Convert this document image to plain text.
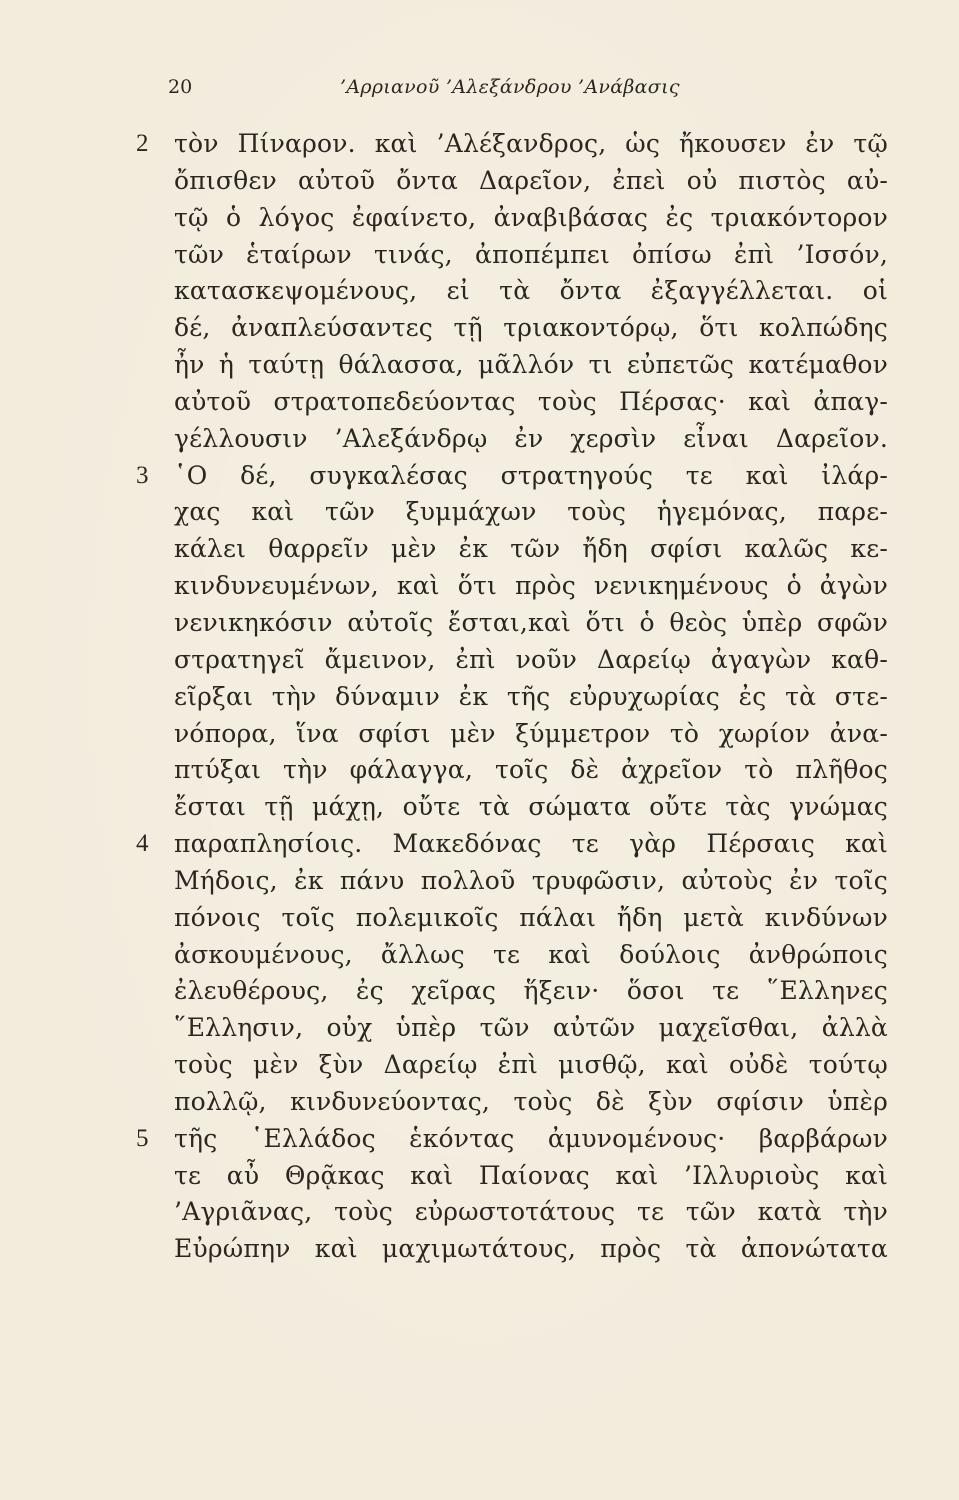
20	’Αρριανοῦ ’Αλεξάνδρου ’Ανάβασις
2	τὸν Πίναρον. καὶ ’Αλέξανδρος, ὡς ἤκουσεν ἐν τῷ
ὄπισθεν αὐτοῦ ὄντα Δαρεῖον, ἐπεὶ οὐ πιστὸς αὐ-
τῷ ὁ λόγος ἐφαίνετο, ἀναβιβάσας ἐς τριακόντορον
τῶν ἑταίρων τινάς, ἀποπέμπει ὀπίσω ἐπὶ ’Ισσόν,
κατασκεψομένους, εἰ τὰ ὄντα ἐξαγγέλλεται. οἱ
δέ, ἀναπλεύσαντες τῇ τριακοντόρῳ, ὅτι κολπώδης
ἦν ἡ ταύτῃ θάλασσα, μᾶλλόν τι εὐπετῶς κατέμαθον
αὐτοῦ στρατοπεδεύοντας τοὺς Πέρσας· καὶ ἀπαγ-
γέλλουσιν ’Αλεξάνδρῳ ἐν χερσὶν εἶναι Δαρεῖον.
3	῾Ο δέ, συγκαλέσας στρατηγούς τε καὶ ἰλάρ-
χας καὶ τῶν ξυμμάχων τοὺς ἡγεμόνας, παρε-
κάλει θαρρεῖν μὲν ἐκ τῶν ἤδη σφίσι καλῶς κε-
κινδυνευμένων, καὶ ὅτι πρὸς νενικημένους ὁ ἀγὼν
νενικηκόσιν αὐτοῖς ἔσται,καὶ ὅτι ὁ θεὸς ὑπὲρ σφῶν
στρατηγεῖ ἄμεινον, ἐπὶ νοῦν Δαρείῳ ἀγαγὼν καθ-
εῖρξαι τὴν δύναμιν ἐκ τῆς εὐρυχωρίας ἐς τὰ στε-
νόπορα, ἵνα σφίσι μὲν ξύμμετρον τὸ χωρίον ἀνα-
πτύξαι τὴν φάλαγγα, τοῖς δὲ ἀχρεῖον τὸ πλῆθος
ἔσται τῇ μάχῃ, οὔτε τὰ σώματα οὔτε τὰς γνώμας
4	παραπλησίοις. Μακεδόνας τε γὰρ Πέρσαις καὶ
Μήδοις, ἐκ πάνυ πολλοῦ τρυφῶσιν, αὐτοὺς ἐν τοῖς
πόνοις τοῖς πολεμικοῖς πάλαι ἤδη μετὰ κινδύνων
ἀσκουμένους, ἄλλως τε καὶ δούλοις ἀνθρώποις
ἐλευθέρους, ἐς χεῖρας ἥξειν· ὅσοι τε ῞Ελληνες
῞Ελλησιν, οὐχ ὑπὲρ τῶν αὐτῶν μαχεῖσθαι, ἀλλὰ
τοὺς μὲν ξὺν Δαρείῳ ἐπὶ μισθῷ, καὶ οὐδὲ τούτῳ
πολλῷ, κινδυνεύοντας, τοὺς δὲ ξὺν σφίσιν ὑπὲρ
5	τῆς ῾Ελλάδος ἑκόντας ἀμυνομένους· βαρβάρων
τε αὖ Θρᾷκας καὶ Παίονας καὶ ’Ιλλυριοὺς καὶ
’Αγριᾶνας, τοὺς εὐρωστοτάτους τε τῶν κατὰ τὴν
Εὐρώπην καὶ μαχιμωτάτους, πρὸς τὰ ἀπονώτατα
